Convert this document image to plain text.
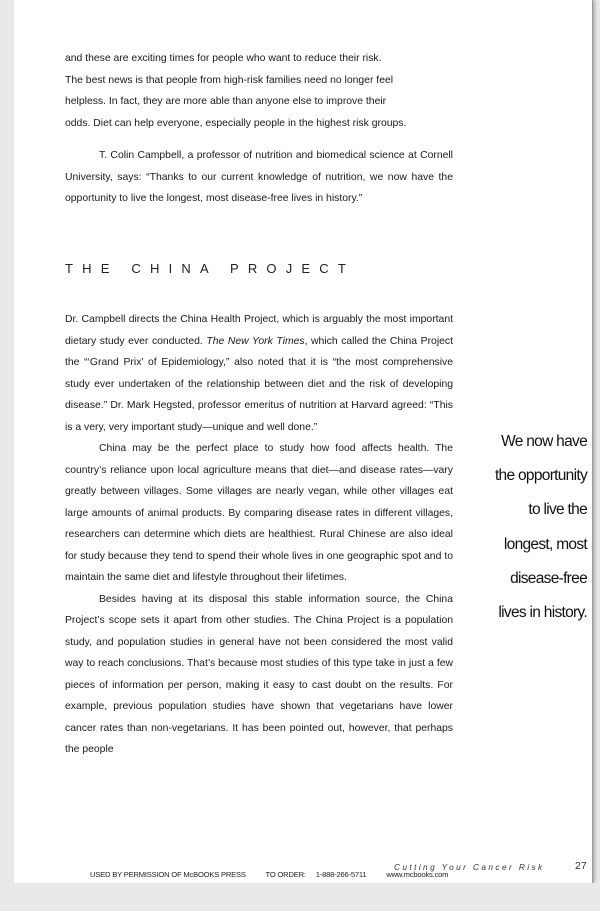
and these are exciting times for people who want to reduce their risk.

The best news is that people from high-risk families need no longer feel

helpless. In fact, they are more able than anyone else to improve their

odds. Diet can help everyone, especially people in the highest risk groups.

T. Colin Campbell, a professor of nutrition and biomedical science at Cornell University, says: “Thanks to our current knowledge of nutrition, we now have the opportunity to live the longest, most disease-free lives in history.”

THE CHINA PROJECT

Dr. Campbell directs the China Health Project, which is arguably the most important dietary study ever conducted. The New York Times, which called the China Project the “‘Grand Prix’ of Epidemiology,” also noted that it is “the most comprehensive study ever undertaken of the relationship between diet and the risk of developing disease.” Dr. Mark Hegsted, professor emeritus of nutrition at Harvard agreed: “This is a very, very important study—unique and well done.”

China may be the perfect place to study how food affects health. The country’s reliance upon local agriculture means that diet—and disease rates—vary greatly between villages. Some villages are nearly vegan, while other villages eat large amounts of animal products. By comparing disease rates in different villages, researchers can determine which diets are healthiest. Rural Chinese are also ideal for study because they tend to spend their whole lives in one geographic spot and to maintain the same diet and lifestyle throughout their lifetimes.

Besides having at its disposal this stable information source, the China Project’s scope sets it apart from other studies. The China Project is a population study, and population studies in general have not been considered the most valid way to reach conclusions. That’s because most studies of this type take in just a few pieces of information per person, making it easy to cast doubt on the results. For example, previous population studies have shown that vegetarians have lower cancer rates than non-vegetarians. It has been pointed out, however, that perhaps the people

We now have
the opportunity
to live the
longest, most
disease-free
lives in history.
Cutting Your Cancer Risk	27
USED BY PERMISSION OF McBOOKS PRESS	TO ORDER: 1-888-266-5711	www.mcbooks.com
